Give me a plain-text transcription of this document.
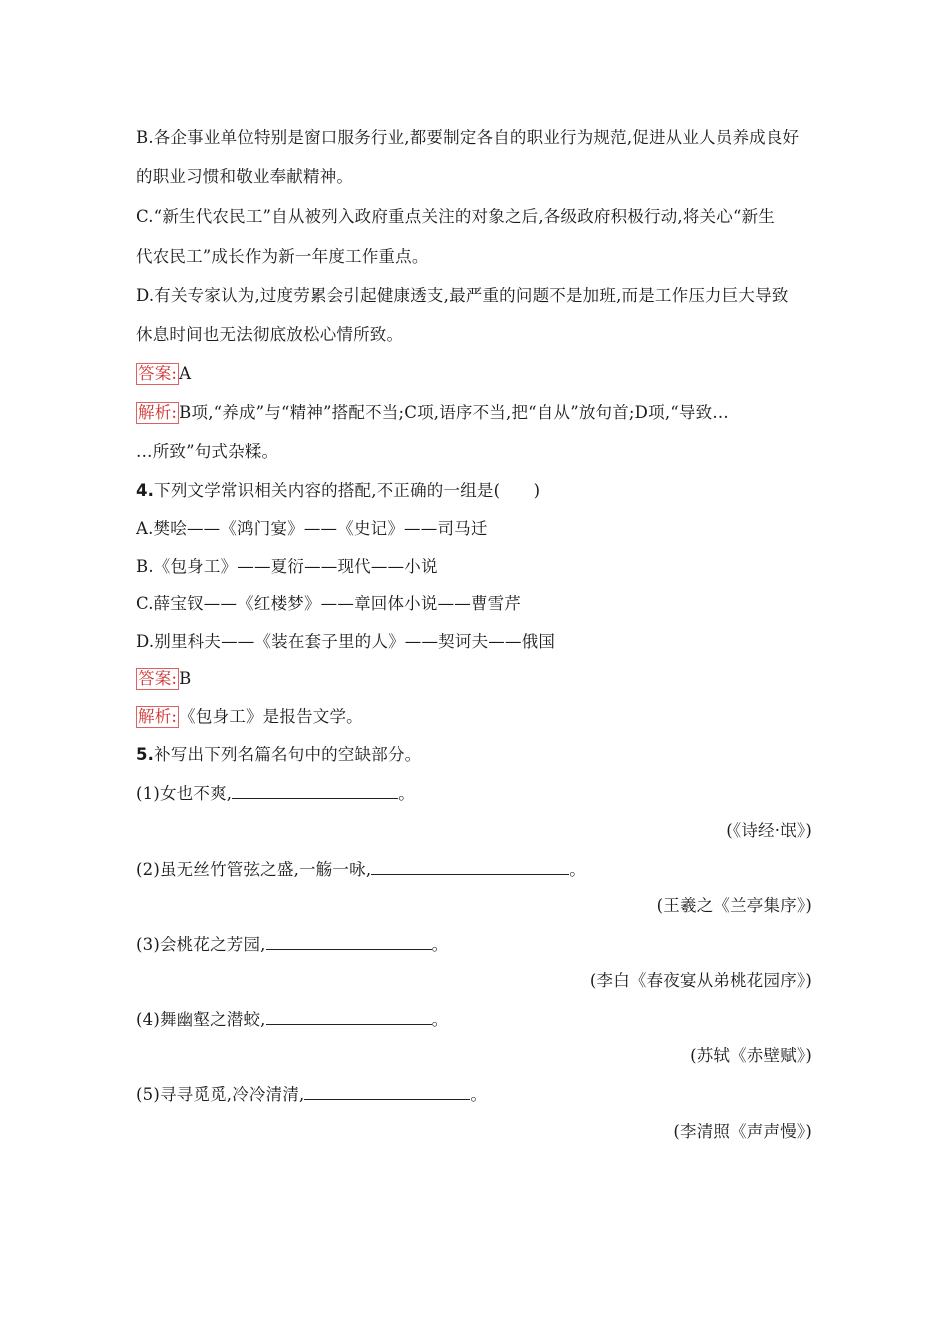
B.各企事业单位特别是窗口服务行业,都要制定各自的职业行为规范,促进从业人员养成良好
的职业习惯和敬业奉献精神。
C.“新生代农民工”自从被列入政府重点关注的对象之后,各级政府积极行动,将关心“新生
代农民工”成长作为新一年度工作重点。
D.有关专家认为,过度劳累会引起健康透支,最严重的问题不是加班,而是工作压力巨大导致
休息时间也无法彻底放松心情所致。
答案: A
解析: B项,“养成”与“精神”搭配不当;C项,语序不当,把“自从”放句首;D项,“导致…
…所致”句式杂糅。
4.下列文学常识相关内容的搭配,不正确的一组是(　　)
A.樊哙——《鸿门宴》——《史记》——司马迁
B.《包身工》——夏衍——现代——小说
C.薛宝钗——《红楼梦》——章回体小说——曹雪芹
D.别里科夫——《装在套子里的人》——契诃夫——俄国
答案: B
解析: 《包身工》是报告文学。
5.补写出下列名篇名句中的空缺部分。
(1)女也不爽,	。
(《诗经·氓》)
(2)虽无丝竹管弦之盛,一觞一咏,	。
(王羲之《兰亭集序》)
(3)会桃花之芳园,	。
(李白《春夜宴从弟桃花园序》)
(4)舞幽壑之潜蛟,	。
(苏轼《赤壁赋》)
(5)寻寻觅觅,冷冷清清,	。
(李清照《声声慢》)
